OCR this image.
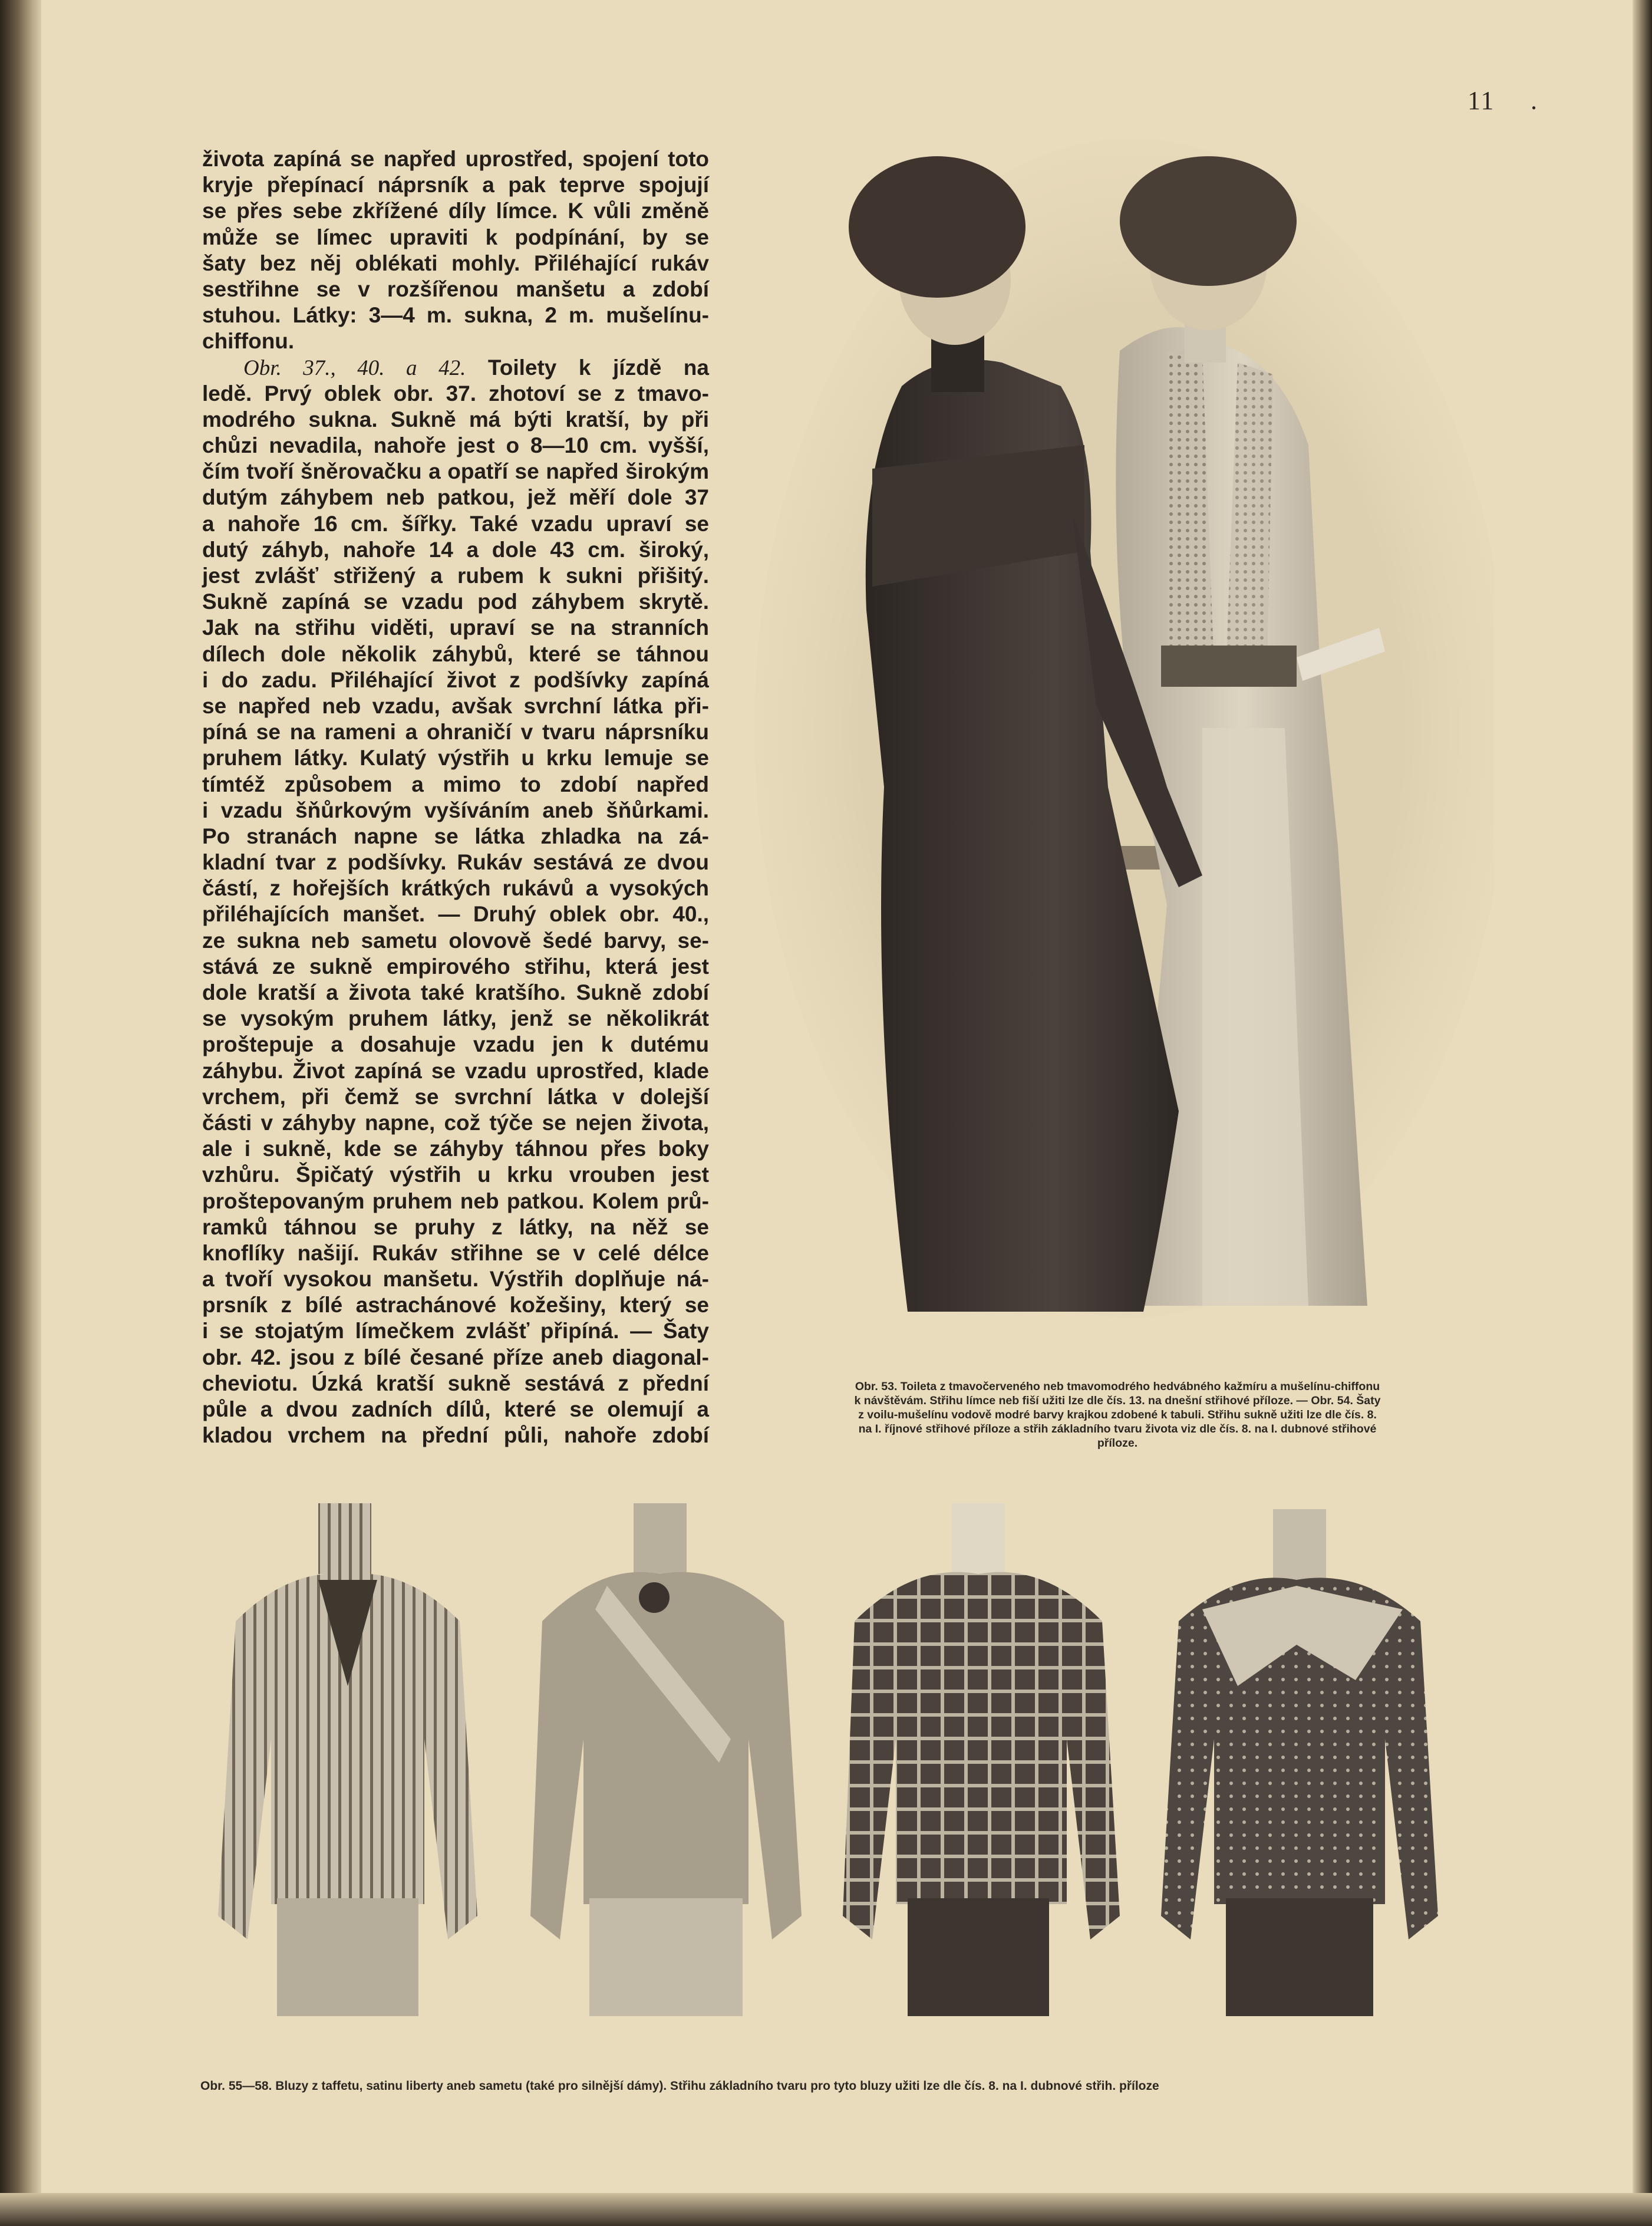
11 .
života zapíná se napřed uprostřed, spojení toto
kryje přepínací náprsník a pak teprve spojují
se přes sebe zkřížené díly límce. K vůli změně
může se límec upraviti k podpínání, by se
šaty bez něj oblékati mohly. Přiléhající rukáv
sestřihne se v rozšířenou manšetu a zdobí
stuhou. Látky: 3—4 m. sukna, 2 m. mušelínu-
chiffonu.
Obr. 37., 40. a 42. Toilety k jízdě na
ledě. Prvý oblek obr. 37. zhotoví se z tmavo-
modrého sukna. Sukně má býti kratší, by při
chůzi nevadila, nahoře jest o 8—10 cm. vyšší,
čím tvoří šněrovačku a opatří se napřed širokým
dutým záhybem neb patkou, jež měří dole 37
a nahoře 16 cm. šířky. Také vzadu upraví se
dutý záhyb, nahoře 14 a dole 43 cm. široký,
jest zvlášť střižený a rubem k sukni přišitý.
Sukně zapíná se vzadu pod záhybem skrytě.
Jak na střihu viděti, upraví se na stranních
dílech dole několik záhybů, které se táhnou
i do zadu. Přiléhající život z podšívky zapíná
se napřed neb vzadu, avšak svrchní látka při-
píná se na rameni a ohraničí v tvaru náprsníku
pruhem látky. Kulatý výstřih u krku lemuje se
tímtéž způsobem a mimo to zdobí napřed
i vzadu šňůrkovým vyšíváním aneb šňůrkami.
Po stranách napne se látka zhladka na zá-
kladní tvar z podšívky. Rukáv sestává ze dvou
částí, z hořejších krátkých rukávů a vysokých
přiléhajících manšet. — Druhý oblek obr. 40.,
ze sukna neb sametu olovově šedé barvy, se-
stává ze sukně empirového střihu, která jest
dole kratší a života také kratšího. Sukně zdobí
se vysokým pruhem látky, jenž se několikrát
proštepuje a dosahuje vzadu jen k dutému
záhybu. Život zapíná se vzadu uprostřed, klade
vrchem, při čemž se svrchní látka v dolejší
části v záhyby napne, což týče se nejen života,
ale i sukně, kde se záhyby táhnou přes boky
vzhůru. Špičatý výstřih u krku vrouben jest
proštepovaným pruhem neb patkou. Kolem prů-
ramků táhnou se pruhy z látky, na něž se
knoflíky našijí. Rukáv střihne se v celé délce
a tvoří vysokou manšetu. Výstřih doplňuje ná-
prsník z bílé astrachánové kožešiny, který se
i se stojatým límečkem zvlášť připíná. — Šaty
obr. 42. jsou z bílé česané příze aneb diagonal-
cheviotu. Úzká kratší sukně sestává z přední
půle a dvou zadních dílů, které se olemují a
kladou vrchem na přední půli, nahoře zdobí

Obr. 53. Toileta z tmavočerveného neb tmavomodrého hedvábného kažmíru a mušelínu-chiffonu
k návštěvám. Střihu límce neb fiší užiti lze dle čís. 13. na dnešní střihové příloze. — Obr. 54. Šaty
z voilu-mušelínu vodově modré barvy krajkou zdobené k tabuli. Střihu sukně užiti lze dle čís. 8.
na I. říjnové střihové příloze a střih základního tvaru života viz dle čís. 8. na I. dubnové střihové
příloze.

Obr. 55—58. Bluzy z taffetu, satinu liberty aneb sametu (také pro silnější dámy). Střihu základního tvaru pro tyto bluzy užiti lze dle čís. 8. na I. dubnové střih. příloze
